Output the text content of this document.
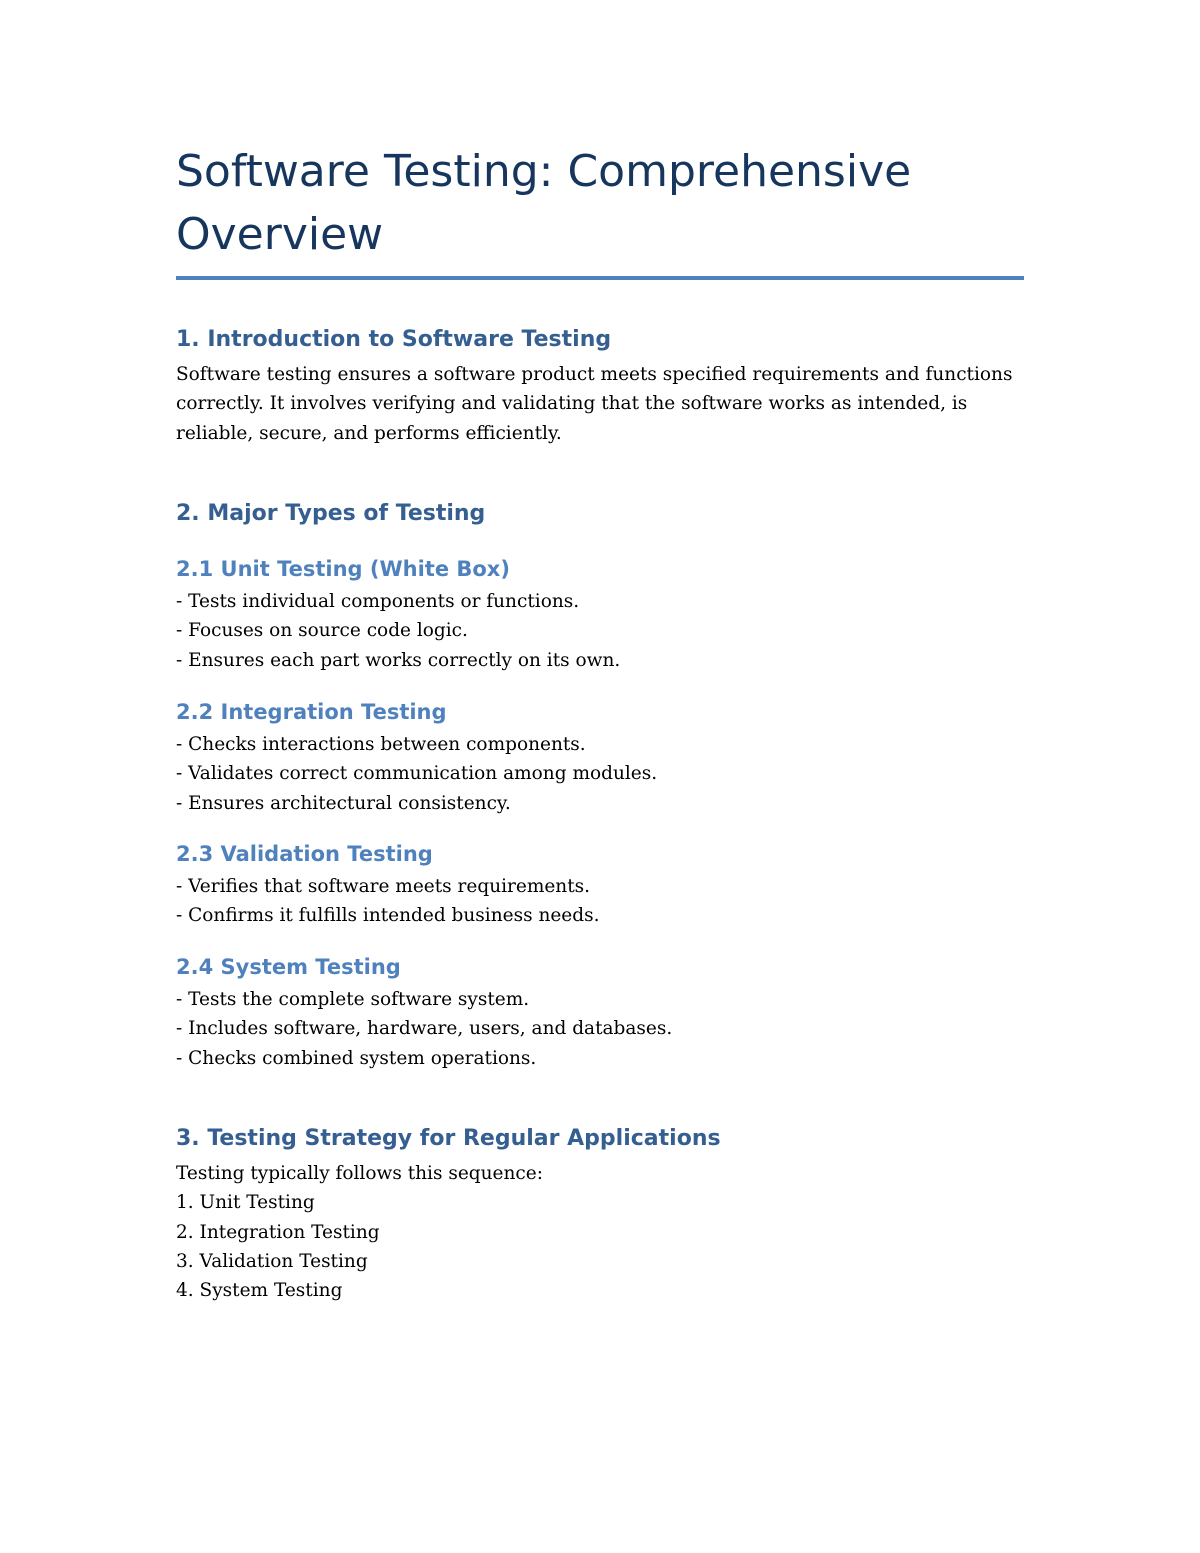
Software Testing: Comprehensive
Overview
1. Introduction to Software Testing
Software testing ensures a software product meets specified requirements and functions
correctly. It involves verifying and validating that the software works as intended, is
reliable, secure, and performs efficiently.
2. Major Types of Testing
2.1 Unit Testing (White Box)
- Tests individual components or functions.
- Focuses on source code logic.
- Ensures each part works correctly on its own.
2.2 Integration Testing
- Checks interactions between components.
- Validates correct communication among modules.
- Ensures architectural consistency.
2.3 Validation Testing
- Verifies that software meets requirements.
- Confirms it fulfills intended business needs.
2.4 System Testing
- Tests the complete software system.
- Includes software, hardware, users, and databases.
- Checks combined system operations.
3. Testing Strategy for Regular Applications
Testing typically follows this sequence:
1. Unit Testing
2. Integration Testing
3. Validation Testing
4. System Testing
